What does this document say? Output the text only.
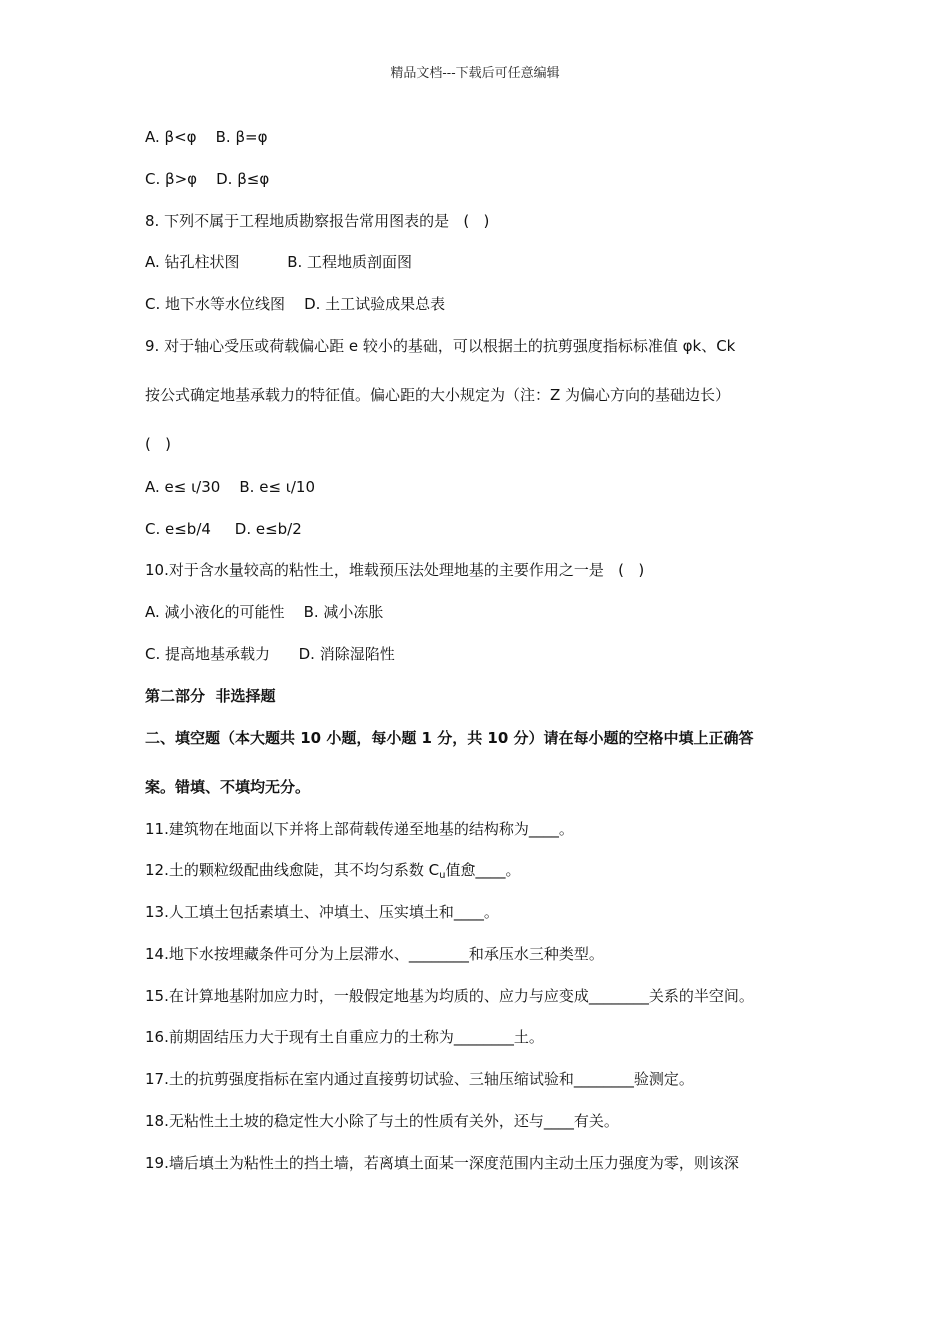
精品文档---下载后可任意编辑
A. β<φ    B. β=φ
C. β>φ    D. β≤φ
8. 下列不属于工程地质勘察报告常用图表的是   (   )
A. 钻孔柱状图          B. 工程地质剖面图
C. 地下水等水位线图    D. 土工试验成果总表
9. 对于轴心受压或荷载偏心距 e 较小的基础，可以根据土的抗剪强度指标标准值 φk、Ck
按公式确定地基承载力的特征值。偏心距的大小规定为（注：Z 为偏心方向的基础边长）
(   )
A. e≤ ι/30    B. e≤ ι/10
C. e≤b/4     D. e≤b/2
10.对于含水量较高的粘性土，堆载预压法处理地基的主要作用之一是   (   )
A. 减小液化的可能性    B. 减小冻胀
C. 提高地基承载力      D. 消除湿陷性
第二部分  非选择题
二、填空题（本大题共 10 小题，每小题 1 分，共 10 分）请在每小题的空格中填上正确答
案。错填、不填均无分。
11.建筑物在地面以下并将上部荷载传递至地基的结构称为____。
12.土的颗粒级配曲线愈陡，其不均匀系数 $C_u$值愈____。
13.人工填土包括素填土、冲填土、压实填土和____。
14.地下水按埋藏条件可分为上层滞水、________和承压水三种类型。
15.在计算地基附加应力时，一般假定地基为均质的、应力与应变成________关系的半空间。
16.前期固结压力大于现有土自重应力的土称为________土。
17.土的抗剪强度指标在室内通过直接剪切试验、三轴压缩试验和________验测定。
18.无粘性土土坡的稳定性大小除了与土的性质有关外，还与____有关。
19.墙后填土为粘性土的挡土墙，若离填土面某一深度范围内主动土压力强度为零，则该深
